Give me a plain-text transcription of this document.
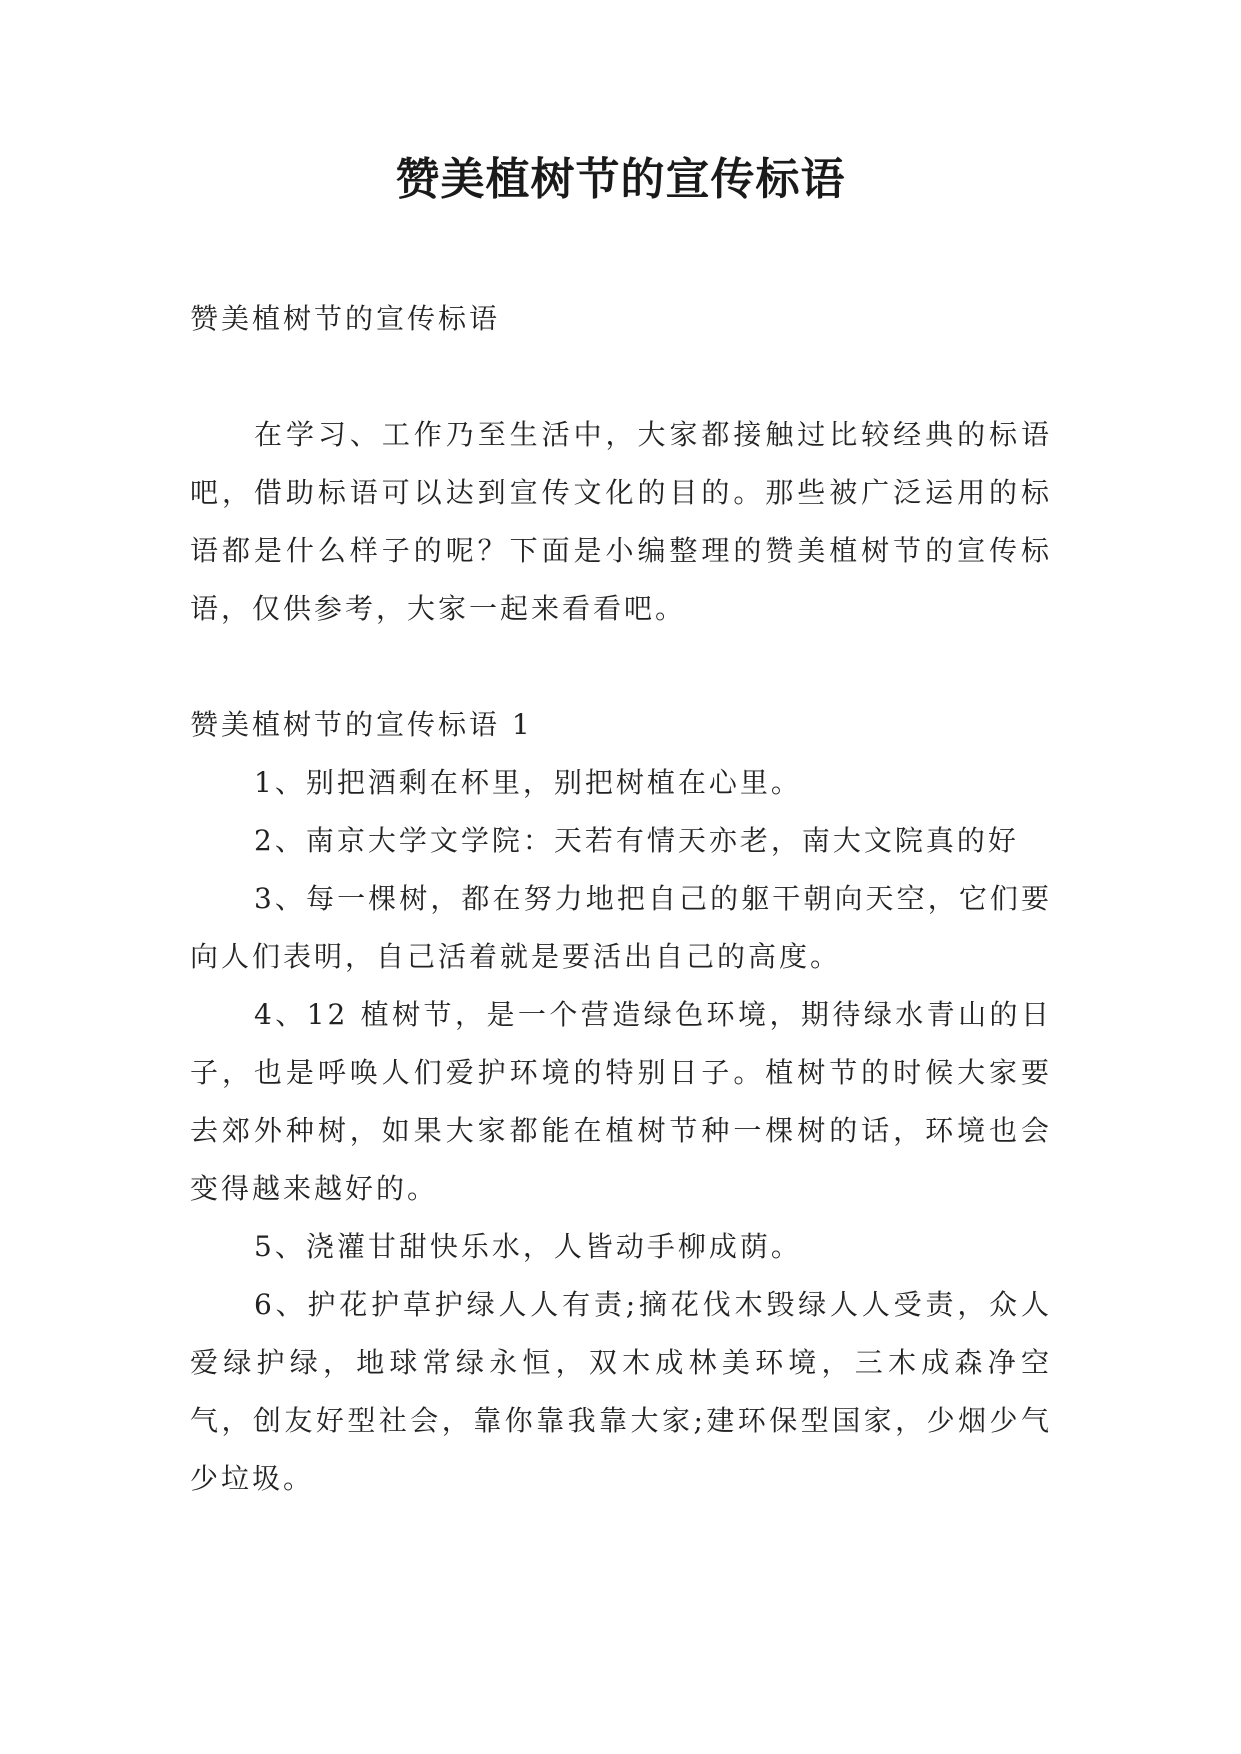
赞美植树节的宣传标语

赞美植树节的宣传标语

在学习、工作乃至生活中，大家都接触过比较经典的标语吧，借助标语可以达到宣传文化的目的。那些被广泛运用的标语都是什么样子的呢？下面是小编整理的赞美植树节的宣传标语，仅供参考，大家一起来看看吧。

赞美植树节的宣传标语 1

1、别把酒剩在杯里，别把树植在心里。

2、南京大学文学院：天若有情天亦老，南大文院真的好

3、每一棵树，都在努力地把自己的躯干朝向天空，它们要向人们表明，自己活着就是要活出自己的高度。

4、12 植树节，是一个营造绿色环境，期待绿水青山的日子，也是呼唤人们爱护环境的特别日子。植树节的时候大家要去郊外种树，如果大家都能在植树节种一棵树的话，环境也会变得越来越好的。

5、浇灌甘甜快乐水，人皆动手柳成荫。

6、护花护草护绿人人有责;摘花伐木毁绿人人受责，众人爱绿护绿，地球常绿永恒，双木成林美环境，三木成森净空气，创友好型社会，靠你靠我靠大家;建环保型国家，少烟少气少垃圾。
